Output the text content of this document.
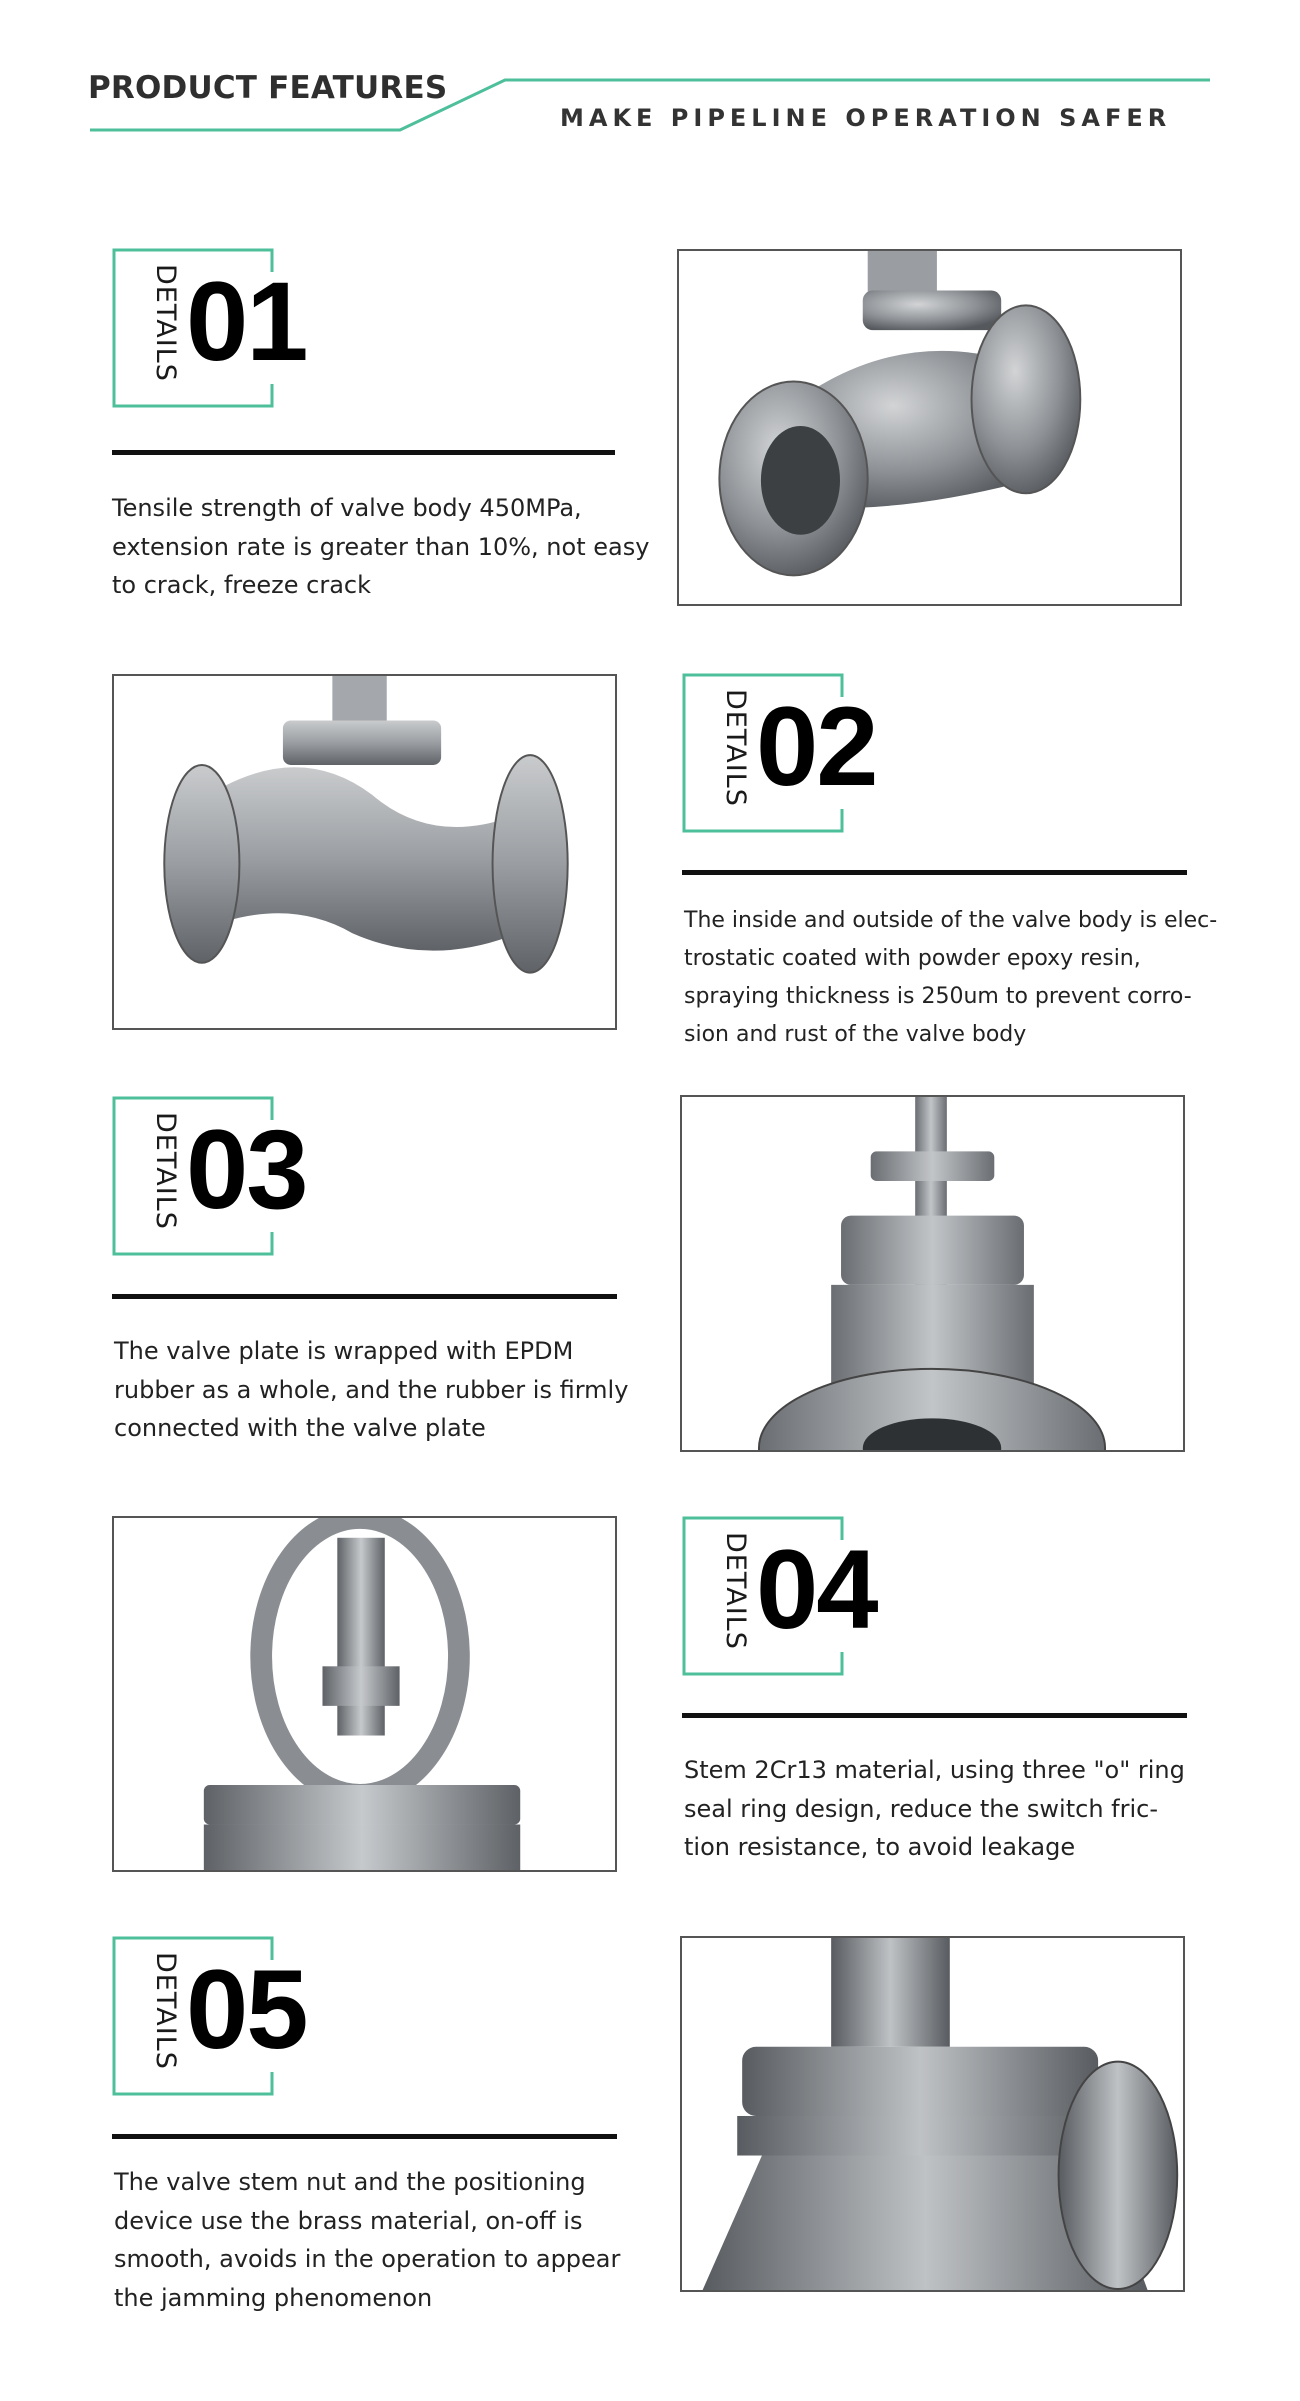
PRODUCT FEATURES
MAKE PIPELINE OPERATION SAFER
DETAILS 01
Tensile strength of valve body 450MPa,
extension rate is greater than 10%, not easy
to crack, freeze crack
DETAILS 02
The inside and outside of the valve body is elec-
trostatic coated with powder epoxy resin,
spraying thickness is 250um to prevent corro-
sion and rust of the valve body
DETAILS 03
The valve plate is wrapped with EPDM
rubber as a whole, and the rubber is firmly
connected with the valve plate
DETAILS 04
Stem 2Cr13 material, using three "o" ring
seal ring design, reduce the switch fric-
tion resistance, to avoid leakage
DETAILS 05
The valve stem nut and the positioning
device use the brass material, on-off is
smooth, avoids in the operation to appear
the jamming phenomenon
